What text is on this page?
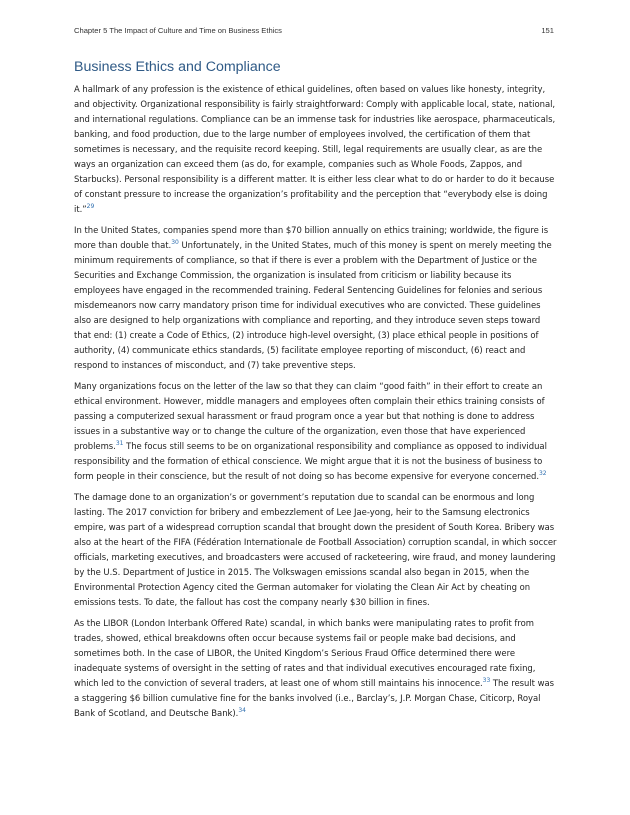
Chapter 5 The Impact of Culture and Time on Business Ethics	151
Business Ethics and Compliance

A hallmark of any profession is the existence of ethical guidelines, often based on values like honesty, integrity, and objectivity. Organizational responsibility is fairly straightforward: Comply with applicable local, state, national, and international regulations. Compliance can be an immense task for industries like aerospace, pharmaceuticals, banking, and food production, due to the large number of employees involved, the certification of them that sometimes is necessary, and the requisite record keeping. Still, legal requirements are usually clear, as are the ways an organization can exceed them (as do, for example, companies such as Whole Foods, Zappos, and Starbucks). Personal responsibility is a different matter. It is either less clear what to do or harder to do it because of constant pressure to increase the organization’s profitability and the perception that “everybody else is doing it.”$^{29}$

In the United States, companies spend more than $70 billion annually on ethics training; worldwide, the figure is more than double that.$^{30}$ Unfortunately, in the United States, much of this money is spent on merely meeting the minimum requirements of compliance, so that if there is ever a problem with the Department of Justice or the Securities and Exchange Commission, the organization is insulated from criticism or liability because its employees have engaged in the recommended training. Federal Sentencing Guidelines for felonies and serious misdemeanors now carry mandatory prison time for individual executives who are convicted. These guidelines also are designed to help organizations with compliance and reporting, and they introduce seven steps toward that end: (1) create a Code of Ethics, (2) introduce high-level oversight, (3) place ethical people in positions of authority, (4) communicate ethics standards, (5) facilitate employee reporting of misconduct, (6) react and respond to instances of misconduct, and (7) take preventive steps.

Many organizations focus on the letter of the law so that they can claim “good faith” in their effort to create an ethical environment. However, middle managers and employees often complain their ethics training consists of passing a computerized sexual harassment or fraud program once a year but that nothing is done to address issues in a substantive way or to change the culture of the organization, even those that have experienced problems.$^{31}$ The focus still seems to be on organizational responsibility and compliance as opposed to individual responsibility and the formation of ethical conscience. We might argue that it is not the business of business to form people in their conscience, but the result of not doing so has become expensive for everyone concerned.$^{32}$

The damage done to an organization’s or government’s reputation due to scandal can be enormous and long lasting. The 2017 conviction for bribery and embezzlement of Lee Jae-yong, heir to the Samsung electronics empire, was part of a widespread corruption scandal that brought down the president of South Korea. Bribery was also at the heart of the FIFA (Fédération Internationale de Football Association) corruption scandal, in which soccer officials, marketing executives, and broadcasters were accused of racketeering, wire fraud, and money laundering by the U.S. Department of Justice in 2015. The Volkswagen emissions scandal also began in 2015, when the Environmental Protection Agency cited the German automaker for violating the Clean Air Act by cheating on emissions tests. To date, the fallout has cost the company nearly $30 billion in fines.

As the LIBOR (London Interbank Offered Rate) scandal, in which banks were manipulating rates to profit from trades, showed, ethical breakdowns often occur because systems fail or people make bad decisions, and sometimes both. In the case of LIBOR, the United Kingdom’s Serious Fraud Office determined there were inadequate systems of oversight in the setting of rates and that individual executives encouraged rate fixing, which led to the conviction of several traders, at least one of whom still maintains his innocence.$^{33}$ The result was a staggering $6 billion cumulative fine for the banks involved (i.e., Barclay’s, J.P. Morgan Chase, Citicorp, Royal Bank of Scotland, and Deutsche Bank).$^{34}$
